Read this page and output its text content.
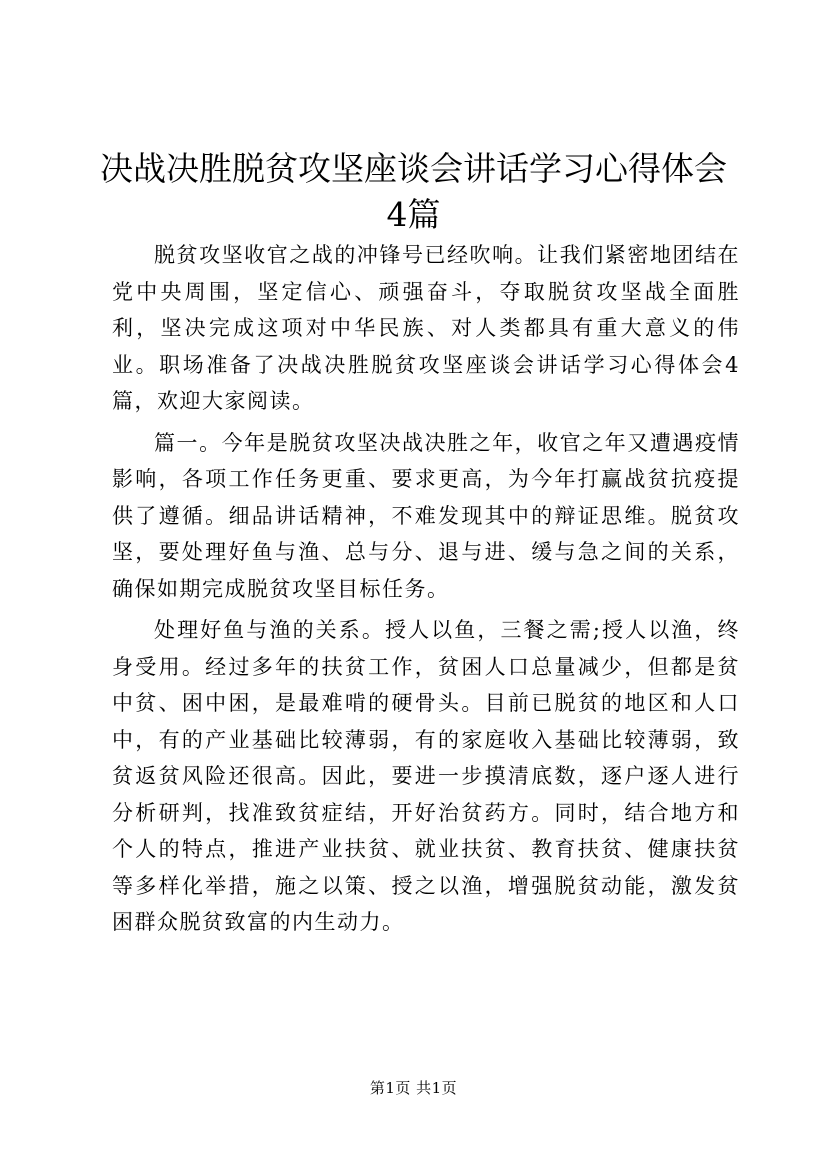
决战决胜脱贫攻坚座谈会讲话学习心得体会4篇

脱贫攻坚收官之战的冲锋号已经吹响。让我们紧密地团结在党中央周围，坚定信心、顽强奋斗，夺取脱贫攻坚战全面胜利，坚决完成这项对中华民族、对人类都具有重大意义的伟业。职场准备了决战决胜脱贫攻坚座谈会讲话学习心得体会4篇，欢迎大家阅读。

篇一。今年是脱贫攻坚决战决胜之年，收官之年又遭遇疫情影响，各项工作任务更重、要求更高，为今年打赢战贫抗疫提供了遵循。细品讲话精神，不难发现其中的辩证思维。脱贫攻坚，要处理好鱼与渔、总与分、退与进、缓与急之间的关系，确保如期完成脱贫攻坚目标任务。

处理好鱼与渔的关系。授人以鱼，三餐之需;授人以渔，终身受用。经过多年的扶贫工作，贫困人口总量减少，但都是贫中贫、困中困，是最难啃的硬骨头。目前已脱贫的地区和人口中，有的产业基础比较薄弱，有的家庭收入基础比较薄弱，致贫返贫风险还很高。因此，要进一步摸清底数，逐户逐人进行分析研判，找准致贫症结，开好治贫药方。同时，结合地方和个人的特点，推进产业扶贫、就业扶贫、教育扶贫、健康扶贫等多样化举措，施之以策、授之以渔，增强脱贫动能，激发贫困群众脱贫致富的内生动力。

第1页 共1页
